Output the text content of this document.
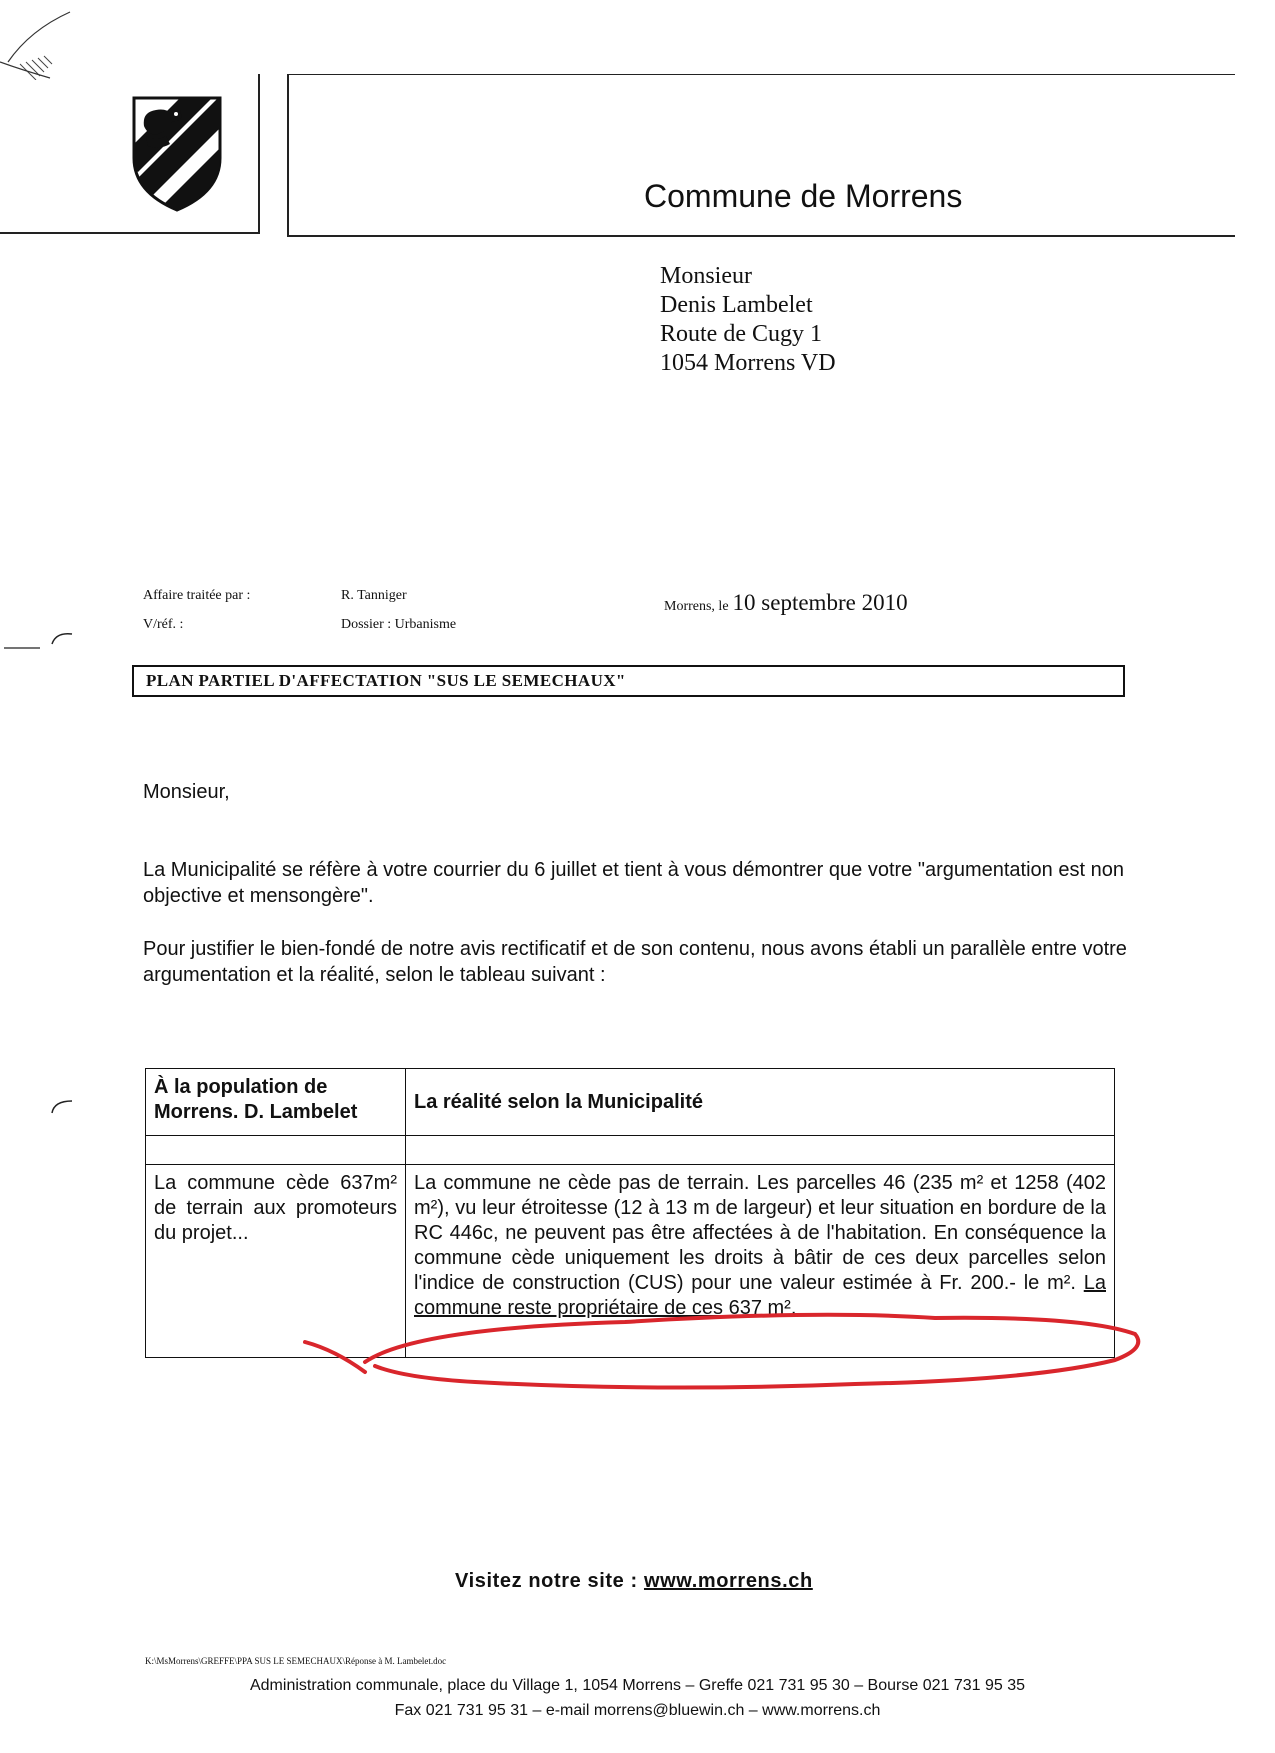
Commune de Morrens
Monsieur
Denis Lambelet
Route de Cugy 1
1054 Morrens VD
Affaire traitée par :	R. Tanniger
V/réf. :	Dossier : Urbanisme
Morrens, le 10 septembre 2010
PLAN PARTIEL D'AFFECTATION "SUS LE SEMECHAUX"
Monsieur,
La Municipalité se réfère à votre courrier du 6 juillet et tient à vous démontrer que votre "argumentation est non objective et mensongère".
Pour justifier le bien-fondé de notre avis rectificatif et de son contenu, nous avons établi un parallèle entre votre argumentation et la réalité, selon le tableau suivant :
À la population de Morrens. D. Lambelet	La réalité selon la Municipalité

La commune cède 637m² de terrain aux promoteurs du projet...	La commune ne cède pas de terrain. Les parcelles 46 (235 m² et 1258 (402 m²), vu leur étroitesse (12 à 13 m de largeur) et leur situation en bordure de la RC 446c, ne peuvent pas être affectées à de l'habitation. En conséquence la commune cède uniquement les droits à bâtir de ces deux parcelles selon l'indice de construction (CUS) pour une valeur estimée à Fr. 200.- le m². La commune reste propriétaire de ces 637 m².
Visitez notre site : www.morrens.ch
K:\MsMorrens\GREFFE\PPA SUS LE SEMECHAUX\Réponse à M. Lambelet.doc
Administration communale, place du Village 1, 1054 Morrens – Greffe 021 731 95 30 – Bourse 021 731 95 35
Fax 021 731 95 31 – e-mail morrens@bluewin.ch – www.morrens.ch
